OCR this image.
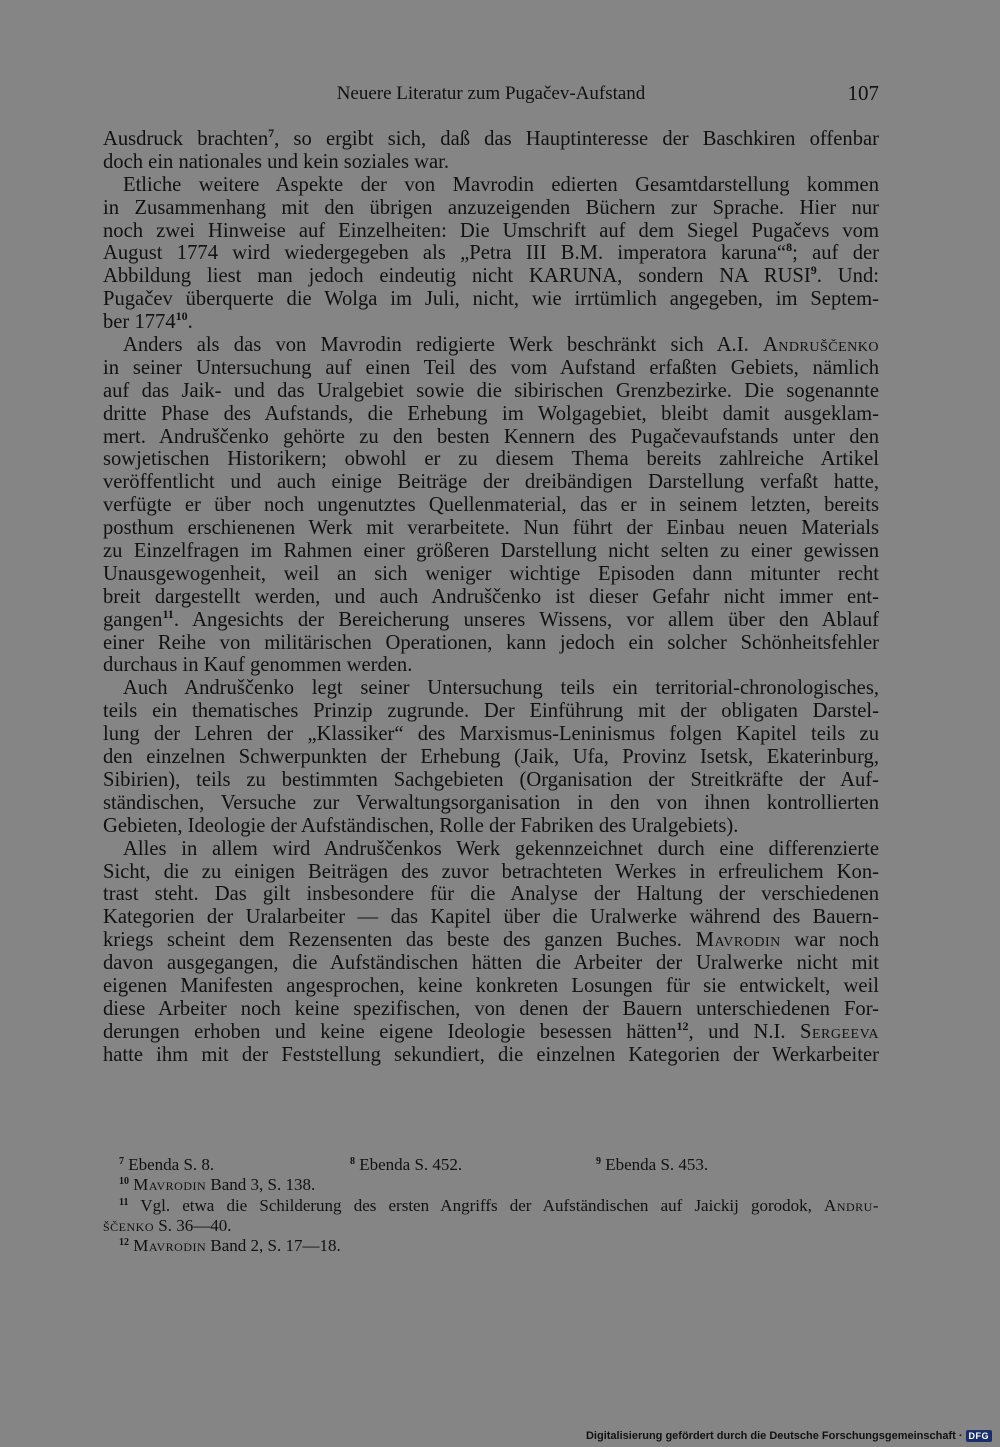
Neuere Literatur zum Pugačev-Aufstand	107
Ausdruck brachten$^7$, so ergibt sich, daß das Hauptinteresse der Baschkiren offenbar
doch ein nationales und kein soziales war.
Etliche weitere Aspekte der von Mavrodin edierten Gesamtdarstellung kommen
in Zusammenhang mit den übrigen anzuzeigenden Büchern zur Sprache. Hier nur
noch zwei Hinweise auf Einzelheiten: Die Umschrift auf dem Siegel Pugačevs vom
August 1774 wird wiedergegeben als „Petra III B.M. imperatora karuna“$^8$; auf der
Abbildung liest man jedoch eindeutig nicht KARUNA, sondern NA RUSI$^9$. Und:
Pugačev überquerte die Wolga im Juli, nicht, wie irrtümlich angegeben, im Septem-
ber 1774$^{10}$.
Anders als das von Mavrodin redigierte Werk beschränkt sich A.I. Andruščenko
in seiner Untersuchung auf einen Teil des vom Aufstand erfaßten Gebiets, nämlich
auf das Jaik- und das Uralgebiet sowie die sibirischen Grenzbezirke. Die sogenannte
dritte Phase des Aufstands, die Erhebung im Wolgagebiet, bleibt damit ausgeklam-
mert. Andruščenko gehörte zu den besten Kennern des Pugačevaufstands unter den
sowjetischen Historikern; obwohl er zu diesem Thema bereits zahlreiche Artikel
veröffentlicht und auch einige Beiträge der dreibändigen Darstellung verfaßt hatte,
verfügte er über noch ungenutztes Quellenmaterial, das er in seinem letzten, bereits
posthum erschienenen Werk mit verarbeitete. Nun führt der Einbau neuen Materials
zu Einzelfragen im Rahmen einer größeren Darstellung nicht selten zu einer gewissen
Unausgewogenheit, weil an sich weniger wichtige Episoden dann mitunter recht
breit dargestellt werden, und auch Andruščenko ist dieser Gefahr nicht immer ent-
gangen$^{11}$. Angesichts der Bereicherung unseres Wissens, vor allem über den Ablauf
einer Reihe von militärischen Operationen, kann jedoch ein solcher Schönheitsfehler
durchaus in Kauf genommen werden.
Auch Andruščenko legt seiner Untersuchung teils ein territorial-chronologisches,
teils ein thematisches Prinzip zugrunde. Der Einführung mit der obligaten Darstel-
lung der Lehren der „Klassiker“ des Marxismus-Leninismus folgen Kapitel teils zu
den einzelnen Schwerpunkten der Erhebung (Jaik, Ufa, Provinz Isetsk, Ekaterinburg,
Sibirien), teils zu bestimmten Sachgebieten (Organisation der Streitkräfte der Auf-
ständischen, Versuche zur Verwaltungsorganisation in den von ihnen kontrollierten
Gebieten, Ideologie der Aufständischen, Rolle der Fabriken des Uralgebiets).
Alles in allem wird Andruščenkos Werk gekennzeichnet durch eine differenzierte
Sicht, die zu einigen Beiträgen des zuvor betrachteten Werkes in erfreulichem Kon-
trast steht. Das gilt insbesondere für die Analyse der Haltung der verschiedenen
Kategorien der Uralarbeiter — das Kapitel über die Uralwerke während des Bauern-
kriegs scheint dem Rezensenten das beste des ganzen Buches. Mavrodin war noch
davon ausgegangen, die Aufständischen hätten die Arbeiter der Uralwerke nicht mit
eigenen Manifesten angesprochen, keine konkreten Losungen für sie entwickelt, weil
diese Arbeiter noch keine spezifischen, von denen der Bauern unterschiedenen For-
derungen erhoben und keine eigene Ideologie besessen hätten$^{12}$, und N.I. Sergeeva
hatte ihm mit der Feststellung sekundiert, die einzelnen Kategorien der Werkarbeiter
$^7$ Ebenda S. 8.	$^8$ Ebenda S. 452.	$^9$ Ebenda S. 453.
$^{10}$ Mavrodin Band 3, S. 138.
$^{11}$ Vgl. etwa die Schilderung des ersten Angriffs der Aufständischen auf Jaickij gorodok, Andru-
ščenko S. 36—40.
$^{12}$ Mavrodin Band 2, S. 17—18.
Digitalisierung gefördert durch die Deutsche Forschungsgemeinschaft · DFG
